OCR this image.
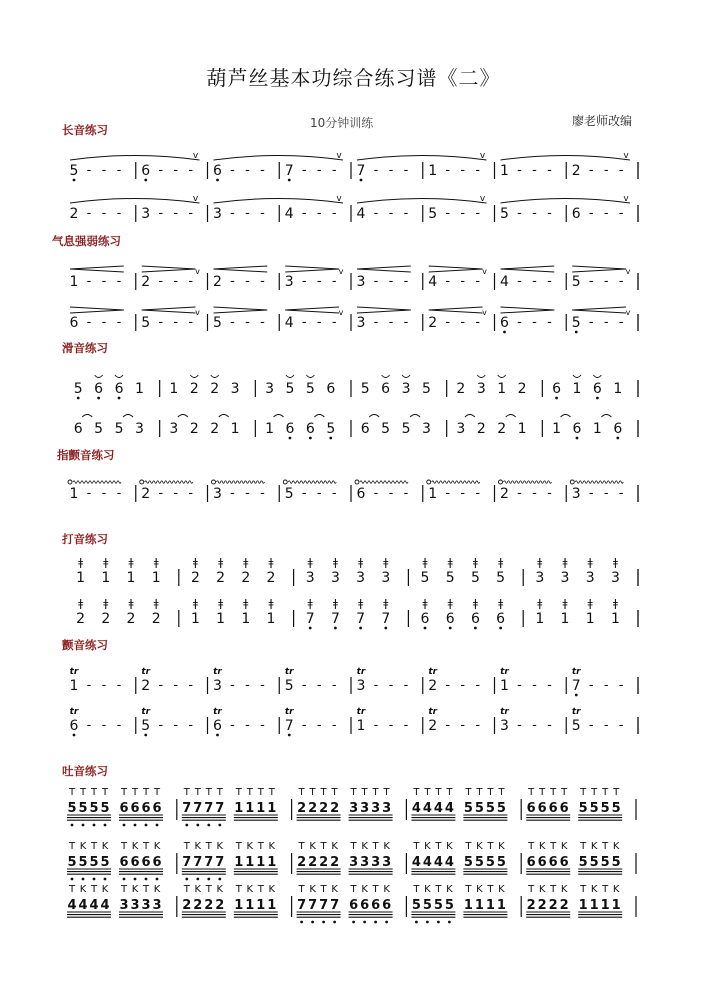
葫芦丝基本功综合练习谱《二》
10分钟训练	廖老师改编
长音练习
气息强弱练习
滑音练习
指颤音练习
打音练习
颤音练习
吐音练习
5 - - - 6 - - -
v
6 - - - 7 - - -
v
7 - - - 1 - - -
v
1 - - - 2 - - -
v
2 - - - 3 - - -
v
3 - - - 4 - - -
v
4 - - - 5 - - -
v
5 - - - 6 - - -
v
1 - - - 2 - - -
v
2 - - - 3 - - -
v
3 - - - 4 - - -
v
4 - - - 5 - - -
v
6 - - - 5 - - -
v
5 - - - 4 - - -
v
3 - - - 2 - - -
v
6 - - - 5 - - -
v
5 6 6 1 1 2 2 3 3 5 5 6 5 6 3 5 2 3 1 2 6 1 6 1
6 5 5 3 3 2 2 1 1 6 6 5 6 5 5 3 3 2 2 1 1 6 1 6
1 - - - 2 - - - 3 - - - 5 - - - 6 - - - 1 - - - 2 - - - 3 - - -
1
ǂ
1
ǂ
1
ǂ
1
ǂ
2
ǂ
2
ǂ
2
ǂ
2
ǂ
3
ǂ
3
ǂ
3
ǂ
3
ǂ
5
ǂ
5
ǂ
5
ǂ
5
ǂ
3
ǂ
3
ǂ
3
ǂ
3
ǂ
2
ǂ
2
ǂ
2
ǂ
2
ǂ
1
ǂ
1
ǂ
1
ǂ
1
ǂ
7
ǂ
7
ǂ
7
ǂ
7
ǂ
6
ǂ
6
ǂ
6
ǂ
6
ǂ
1
ǂ
1
ǂ
1
ǂ
1
ǂ
1 - - -
tr
2 - - -
tr
3 - - -
tr
5 - - -
tr
3 - - -
tr
2 - - -
tr
1 - - -
tr
7 - - -
tr
6 - - -
tr
5 - - -
tr
6 - - -
tr
7 - - -
tr
1 - - -
tr
2 - - -
tr
3 - - -
tr
5 - - -
tr
T
5
T
5
T
5
T
5
T
6
T
6
T
6
T
6
T
7
T
7
T
7
T
7
T
1
T
1
T
1
T
1
T
2
T
2
T
2
T
2
T
3
T
3
T
3
T
3
T
4
T
4
T
4
T
4
T
5
T
5
T
5
T
5
T
6
T
6
T
6
T
6
T
5
T
5
T
5
T
5
T
5
K
5
T
5
K
5
T
6
K
6
T
6
K
6
T
7
K
7
T
7
K
7
T
1
K
1
T
1
K
1
T
2
K
2
T
2
K
2
T
3
K
3
T
3
K
3
T
4
K
4
T
4
K
4
T
5
K
5
T
5
K
5
T
6
K
6
T
6
K
6
T
5
K
5
T
5
K
5
T
4
K
4
T
4
K
4
T
3
K
3
T
3
K
3
T
2
K
2
T
2
K
2
T
1
K
1
T
1
K
1
T
7
K
7
T
7
K
7
T
6
K
6
T
6
K
6
T
5
K
5
T
5
K
5
T
1
K
1
T
1
K
1
T
2
K
2
T
2
K
2
T
1
K
1
T
1
K
1
